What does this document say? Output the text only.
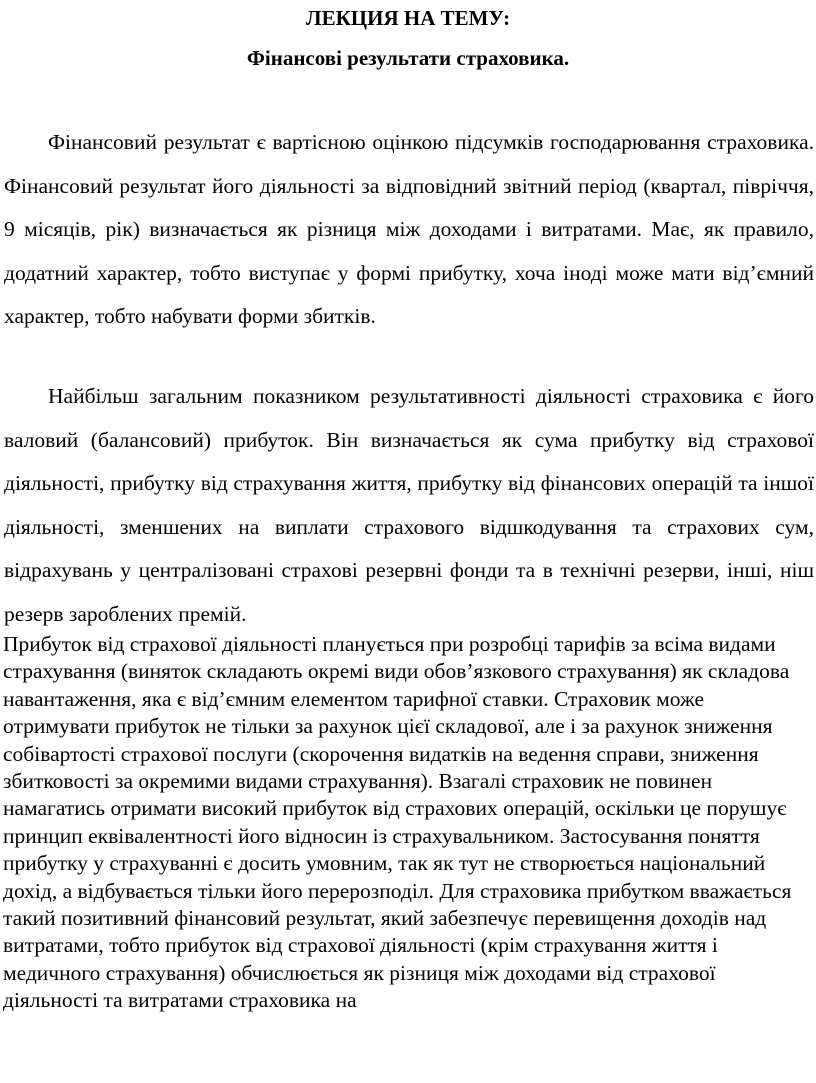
ЛЕКЦИЯ НА ТЕМУ:
Фінансові результати страховика.

Фінансовий результат є вартісною оцінкою підсумків господарювання страховика. Фінансовий результат його діяльності за відповідний звітний період (квартал, півріччя, 9 місяців, рік) визначається як різниця між доходами і витратами. Має, як правило, додатний характер, тобто виступає у формі прибутку, хоча іноді може мати від’ємний характер, тобто набувати форми збитків.

Найбільш загальним показником результативності діяльності страховика є його валовий (балансовий) прибуток. Він визначається як сума прибутку від страхової діяльності, прибутку від страхування життя, прибутку від фінансових операцій та іншої діяльності, зменшених на виплати страхового відшкодування та страхових сум, відрахувань у централізовані страхові резервні фонди та в технічні резерви, інші, ніш резерв зароблених премій.

Прибуток від страхової діяльності планується при розробці тарифів за всіма видами страхування (виняток складають окремі види обов’язкового страхування) як складова навантаження, яка є від’ємним елементом тарифної ставки. Страховик може отримувати прибуток не тільки за рахунок цієї складової, але і за рахунок зниження собівартості страхової послуги (скорочення видатків на ведення справи, зниження збитковості за окремими видами страхування). Взагалі страховик не повинен намагатись отримати високий прибуток від страхових операцій, оскільки це порушує принцип еквівалентності його відносин із страхувальником. Застосування поняття прибутку у страхуванні є досить умовним, так як тут не створюється національний дохід, а відбувається тільки його перерозподіл. Для страховика прибутком вважається такий позитивний фінансовий результат, який забезпечує перевищення доходів над витратами, тобто прибуток від страхової діяльності (крім страхування життя і медичного страхування) обчислюється як різниця між доходами від страхової діяльності та витратами страховика на
